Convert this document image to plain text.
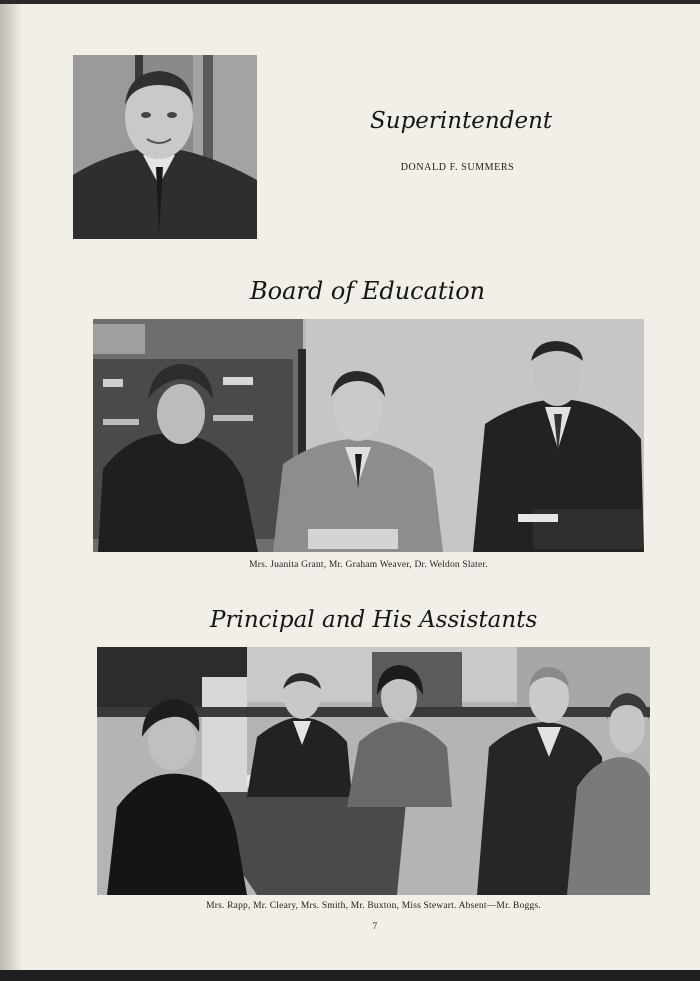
Superintendent
DONALD F. SUMMERS
Board of Education
Mrs. Juanita Grant, Mr. Graham Weaver, Dr. Weldon Slater.
Principal and His Assistants
Mrs. Rapp, Mr. Cleary, Mrs. Smith, Mr. Buxton, Miss Stewart. Absent—Mr. Boggs.
7
